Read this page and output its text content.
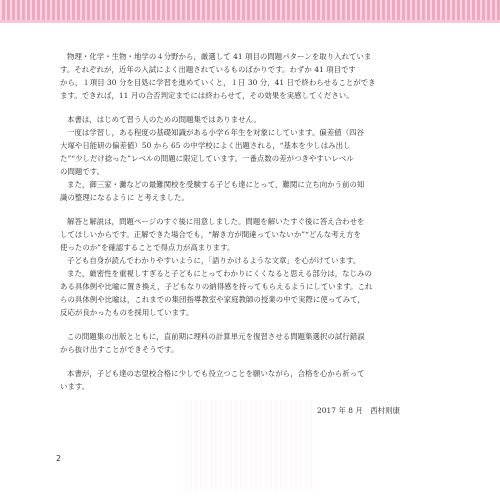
物理・化学・生物・地学の４分野から，厳選して 41 項目の問題パターンを取り入れていま

す。それぞれが，近年の入試によく出題されているものばかりです。わずか 41 項目です

から，１項目 30 分を目処に学習を進めていくと，１日 30 分，41 日で終わらせることができ

ます。できれば，11 月の合否判定までには終わらせて，その効果を実感してください。

本書は，はじめて習う人のための問題集ではありません。

一度は学習し，ある程度の基礎知識がある小学６年生を対象にしています。偏差値（四谷

大塚や日能研の偏差値）50 から 65 の中学校によく出題される，“基本を少しはみ出し

た”“少しだけ捻った”レベルの問題に限定しています。一番点数の差がつきやすいレベル

の問題です。

また，御三家・灘などの最難関校を受験する子ども達にとって，難関に立ち向かう前の知

識の整理になるように と考えました。

解答と解説は，問題ページのすぐ後に用意しました。問題を解いたすぐ後に答え合わせを

してほしいからです。正解できた場合でも，“解き方が間違っていないか”“どんな考え方を

使ったのか”を確認することで得点力が高まります。

子ども自身が読んでわかりやすいように，「語りかけるような文章」を心がけています。

また，厳密性を重視しすぎると子どもにとってわかりにくくなると思える部分は，なじみの

ある具体例や比喩に置き換え，子どもなりの納得感を持ってもらえるようにしています。これ

らの具体例や比喩は，これまでの集団指導教室や家庭教師の授業の中で実際に使ってみて，

反応が良かったものを採用しています。

この問題集の出版とともに，直前期に理科の計算単元を復習させる問題集選択の試行錯誤

から抜け出すことができそうです。

本書が，子ども達の志望校合格に少しでも役立つことを願いながら，合格を心から祈って

います。

2017 年 8 月　西村则康

2
